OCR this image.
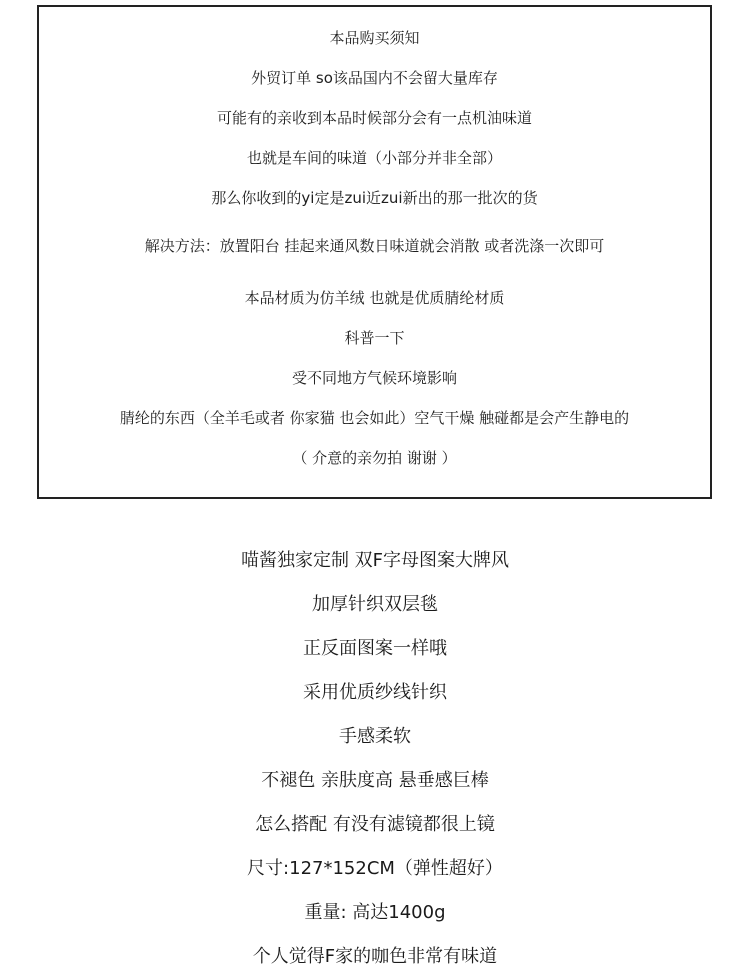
本品购买须知
外贸订单 so该品国内不会留大量库存
可能有的亲收到本品时候部分会有一点机油味道
也就是车间的味道（小部分并非全部）
那么你收到的yi定是zui近zui新出的那一批次的货
解决方法：放置阳台 挂起来通风数日味道就会消散 或者洗涤一次即可
本品材质为仿羊绒 也就是优质腈纶材质
科普一下
受不同地方气候环境影响
腈纶的东西（全羊毛或者 你家猫 也会如此）空气干燥 触碰都是会产生静电的
（ 介意的亲勿拍 谢谢 ）
喵酱独家定制 双F字母图案大牌风
加厚针织双层毯
正反面图案一样哦
采用优质纱线针织
手感柔软
不褪色 亲肤度高 悬垂感巨棒
怎么搭配 有没有滤镜都很上镜
尺寸:127*152CM（弹性超好）
重量: 高达1400g
个人觉得F家的咖色非常有味道
